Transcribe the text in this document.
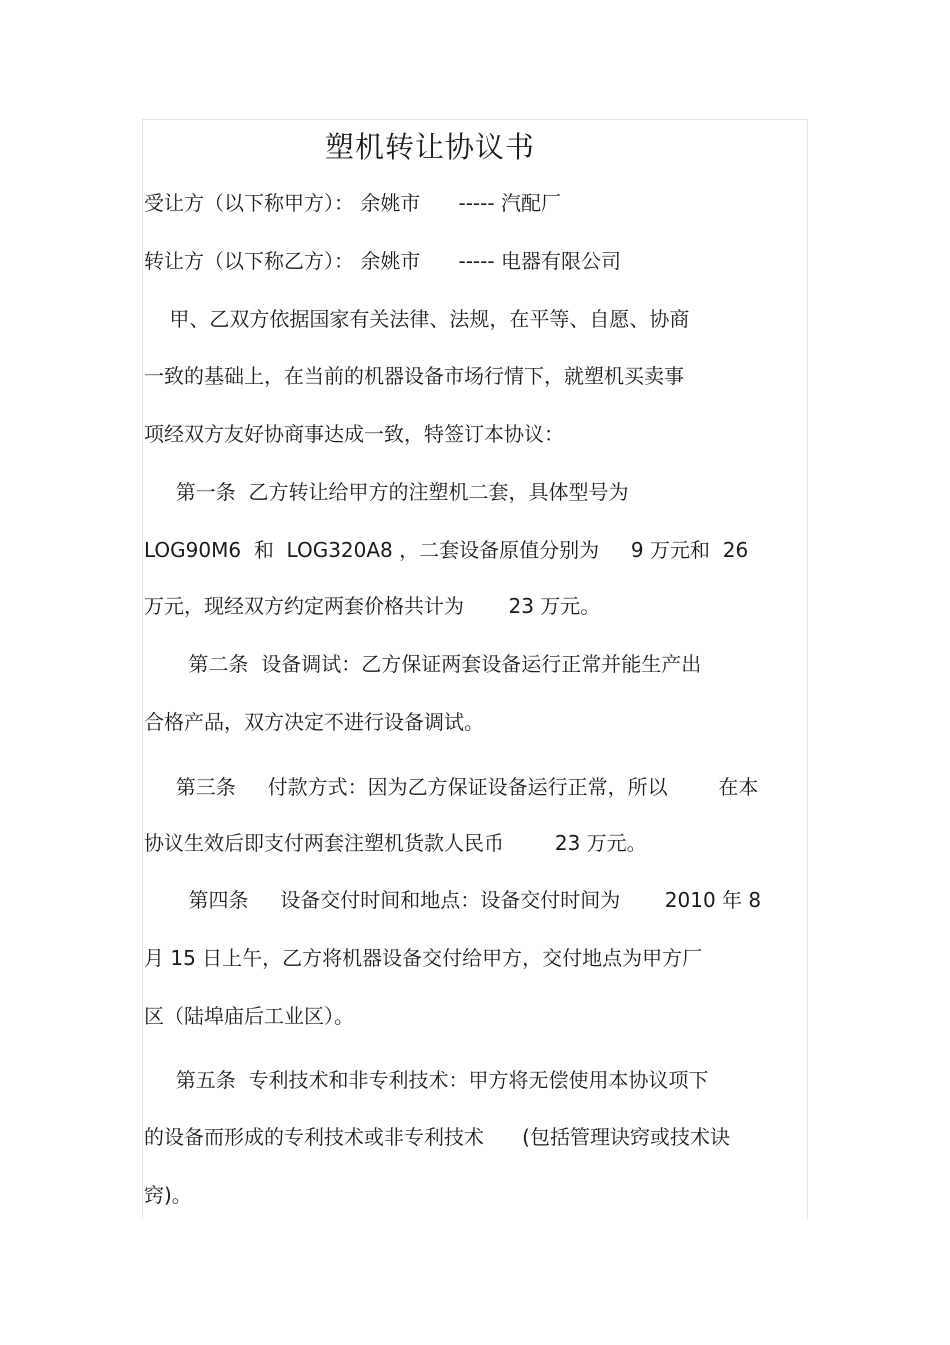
塑机转让协议书

受让方（以下称甲方）： 余姚市      ----- 汽配厂

转让方（以下称乙方）： 余姚市      ----- 电器有限公司

甲、乙双方依据国家有关法律、法规，在平等、自愿、协商

一致的基础上，在当前的机器设备市场行情下，就塑机买卖事

项经双方友好协商事达成一致，特签订本协议：

第一条  乙方转让给甲方的注塑机二套，具体型号为

LOG90M6  和  LOG320A8 ，二套设备原值分别为     9 万元和  26

万元，现经双方约定两套价格共计为       23 万元。

第二条  设备调试：乙方保证两套设备运行正常并能生产出

合格产品，双方决定不进行设备调试。

第三条     付款方式：因为乙方保证设备运行正常，所以        在本

协议生效后即支付两套注塑机货款人民币        23 万元。

第四条     设备交付时间和地点：设备交付时间为       2010 年 8

月 15 日上午，乙方将机器设备交付给甲方，交付地点为甲方厂

区（陆埠庙后工业区）。

第五条  专利技术和非专利技术：甲方将无偿使用本协议项下

的设备而形成的专利技术或非专利技术      (包括管理诀窍或技术诀

窍)。
